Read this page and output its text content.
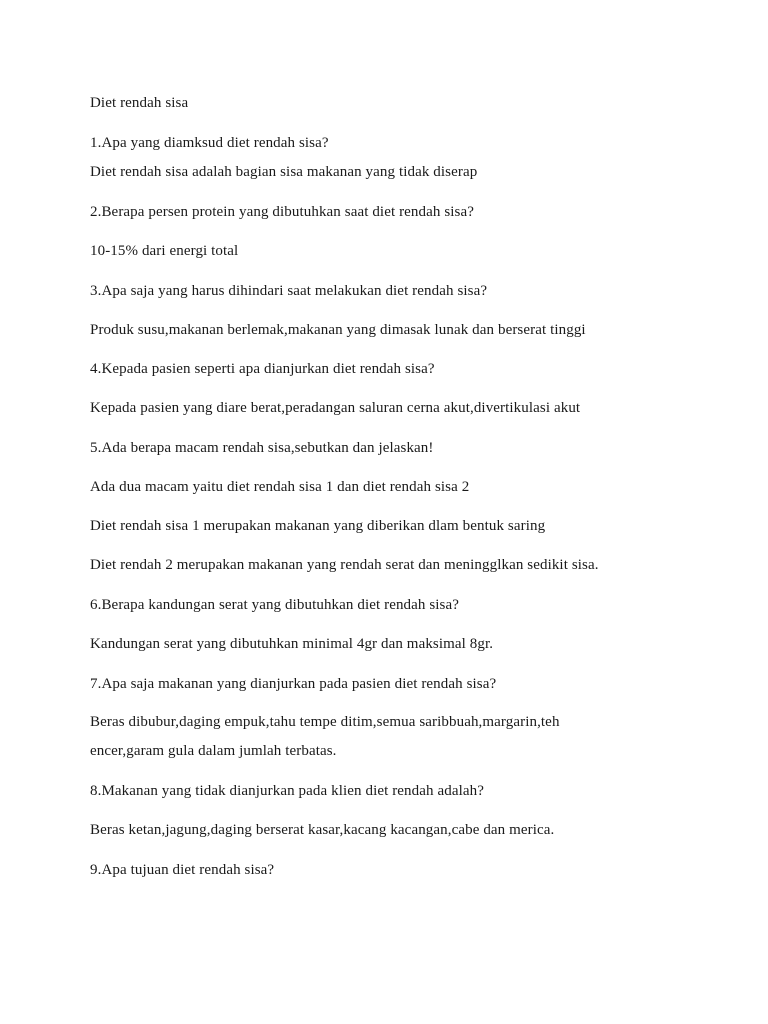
Diet rendah sisa
1.Apa yang diamksud diet rendah sisa?
Diet rendah sisa adalah bagian sisa makanan yang tidak diserap
2.Berapa persen protein yang dibutuhkan saat diet rendah sisa?
10-15% dari energi total
3.Apa saja yang harus dihindari saat melakukan diet rendah sisa?
Produk susu,makanan berlemak,makanan yang dimasak lunak dan berserat tinggi
4.Kepada pasien seperti apa dianjurkan diet rendah sisa?
Kepada pasien yang diare berat,peradangan saluran cerna akut,divertikulasi akut
5.Ada berapa macam rendah sisa,sebutkan dan jelaskan!
Ada dua macam yaitu diet rendah sisa 1 dan diet rendah sisa 2
Diet rendah sisa 1 merupakan makanan yang diberikan dlam bentuk saring
Diet rendah 2 merupakan makanan yang rendah serat dan meningglkan sedikit sisa.
6.Berapa kandungan serat yang dibutuhkan diet rendah sisa?
Kandungan serat yang dibutuhkan minimal 4gr dan maksimal 8gr.
7.Apa saja makanan yang dianjurkan pada pasien diet rendah sisa?
Beras dibubur,daging empuk,tahu tempe ditim,semua saribbuah,margarin,teh
encer,garam gula dalam jumlah terbatas.
8.Makanan yang tidak dianjurkan pada klien diet rendah adalah?
Beras ketan,jagung,daging berserat kasar,kacang kacangan,cabe dan merica.
9.Apa tujuan diet rendah sisa?
